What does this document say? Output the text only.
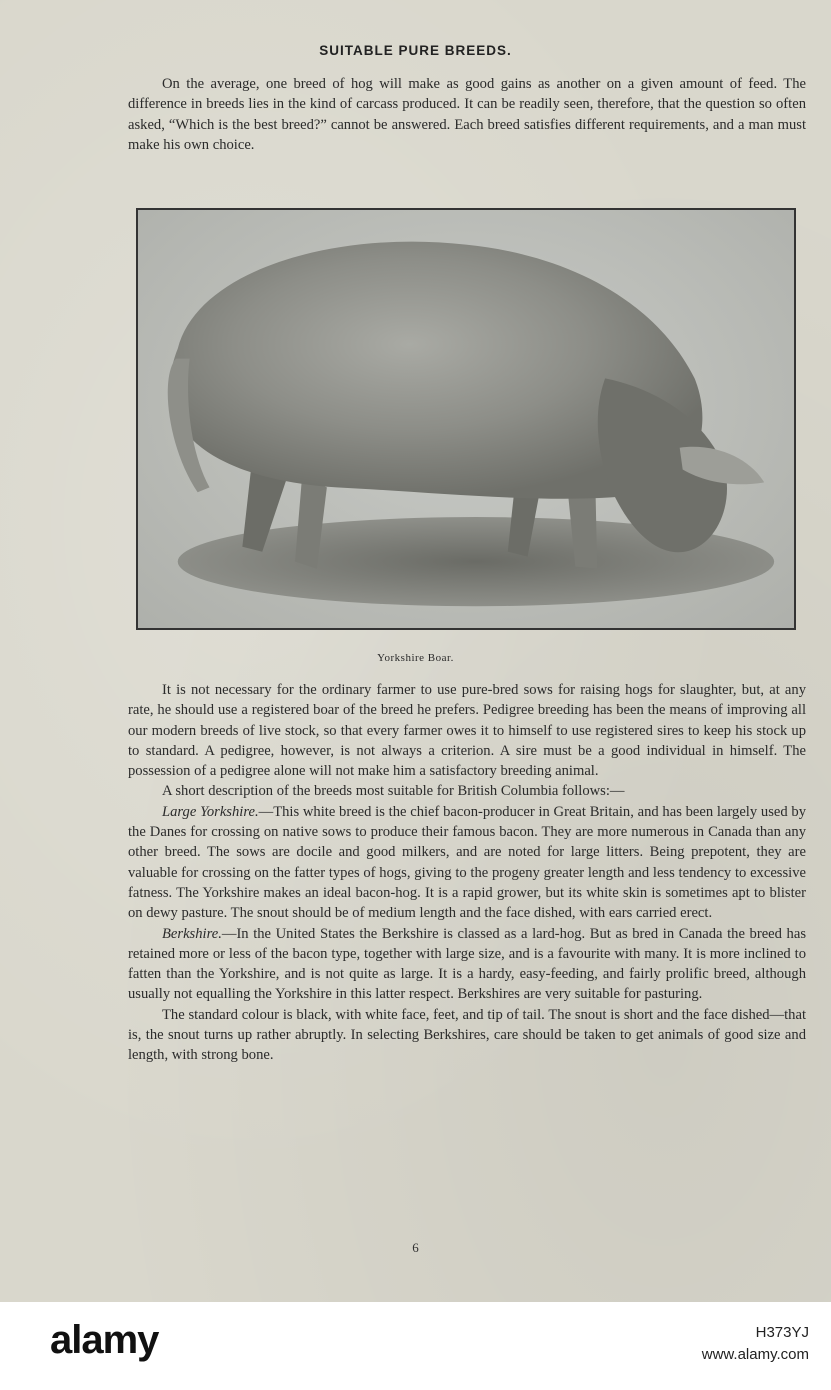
SUITABLE PURE BREEDS.

On the average, one breed of hog will make as good gains as another on a given amount of feed. The difference in breeds lies in the kind of carcass produced. It can be readily seen, therefore, that the question so often asked, “Which is the best breed?” cannot be answered. Each breed satisfies different requirements, and a man must make his own choice.

Yorkshire Boar.

It is not necessary for the ordinary farmer to use pure-bred sows for raising hogs for slaughter, but, at any rate, he should use a registered boar of the breed he prefers. Pedigree breeding has been the means of improving all our modern breeds of live stock, so that every farmer owes it to himself to use registered sires to keep his stock up to standard. A pedigree, however, is not always a criterion. A sire must be a good individual in himself. The possession of a pedigree alone will not make him a satisfactory breeding animal.

A short description of the breeds most suitable for British Columbia follows:—

Large Yorkshire.—This white breed is the chief bacon-producer in Great Britain, and has been largely used by the Danes for crossing on native sows to produce their famous bacon. They are more numerous in Canada than any other breed. The sows are docile and good milkers, and are noted for large litters. Being prepotent, they are valuable for crossing on the fatter types of hogs, giving to the progeny greater length and less tendency to excessive fatness. The Yorkshire makes an ideal bacon-hog. It is a rapid grower, but its white skin is sometimes apt to blister on dewy pasture. The snout should be of medium length and the face dished, with ears carried erect.

Berkshire.—In the United States the Berkshire is classed as a lard-hog. But as bred in Canada the breed has retained more or less of the bacon type, together with large size, and is a favourite with many. It is more inclined to fatten than the Yorkshire, and is not quite as large. It is a hardy, easy-feeding, and fairly prolific breed, although usually not equalling the Yorkshire in this latter respect. Berkshires are very suitable for pasturing.

The standard colour is black, with white face, feet, and tip of tail. The snout is short and the face dished—that is, the snout turns up rather abruptly. In selecting Berkshires, care should be taken to get animals of good size and length, with strong bone.

6
alamy	H373YJ
www.alamy.com
